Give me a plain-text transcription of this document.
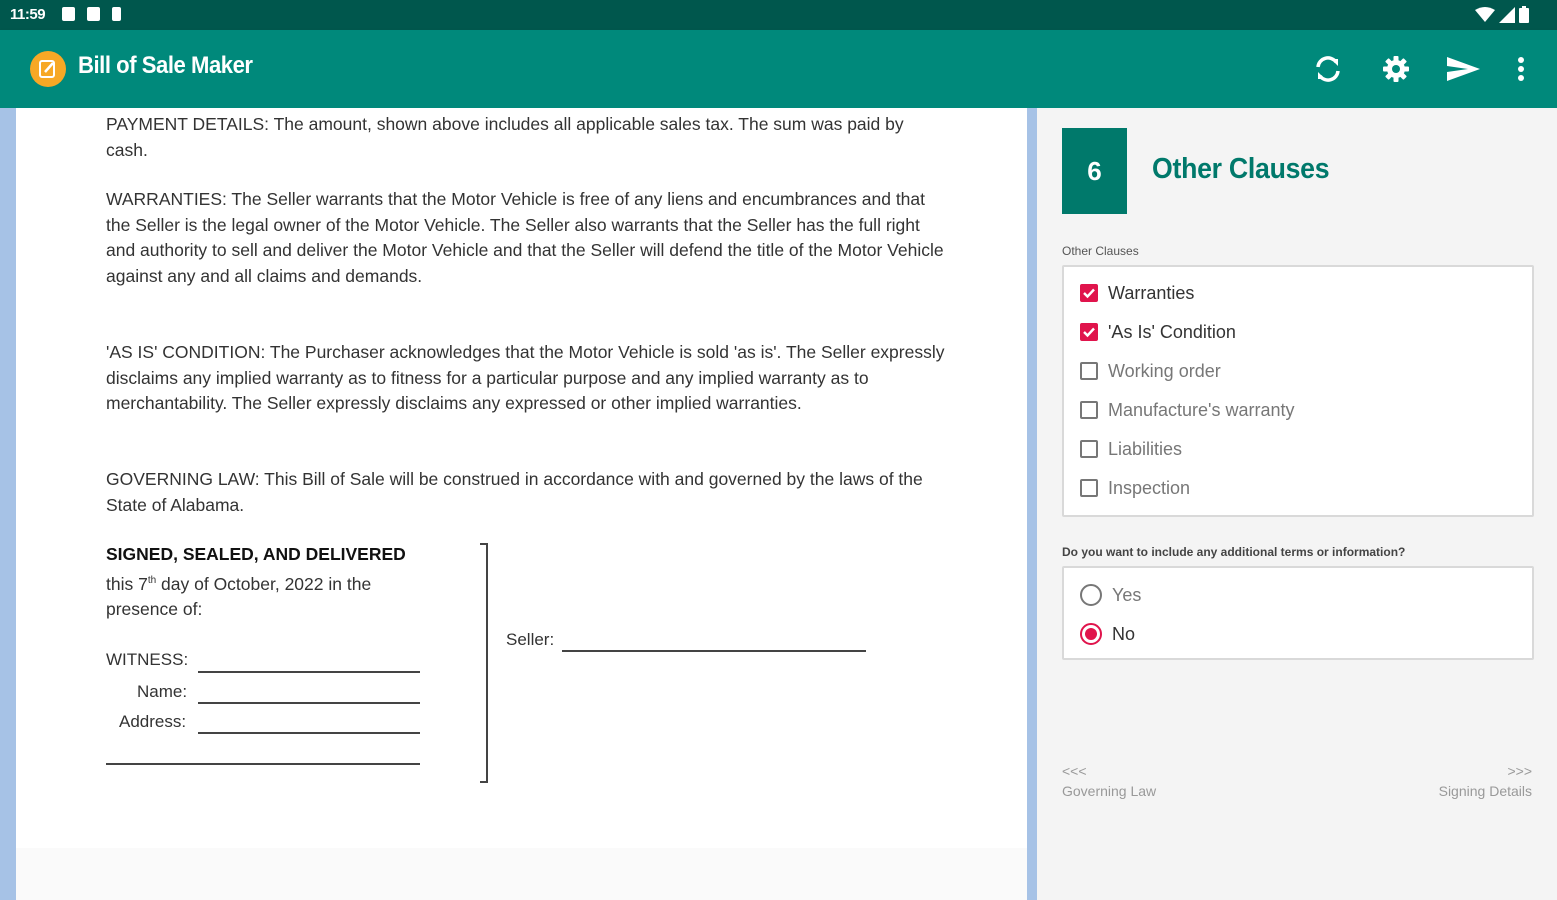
11:59
Bill of Sale Maker
PAYMENT DETAILS: The amount, shown above includes all applicable sales tax. The sum was paid by cash.
WARRANTIES: The Seller warrants that the Motor Vehicle is free of any liens and encumbrances and that the Seller is the legal owner of the Motor Vehicle. The Seller also warrants that the Seller has the full right and authority to sell and deliver the Motor Vehicle and that the Seller will defend the title of the Motor Vehicle against any and all claims and demands.
'AS IS' CONDITION: The Purchaser acknowledges that the Motor Vehicle is sold 'as is'. The Seller expressly disclaims any implied warranty as to fitness for a particular purpose and any implied warranty as to merchantability. The Seller expressly disclaims any expressed or other implied warranties.
GOVERNING LAW: This Bill of Sale will be construed in accordance with and governed by the laws of the State of Alabama.
SIGNED, SEALED, AND DELIVERED
this 7th day of October, 2022 in the
presence of:
WITNESS:
Name:
Address:
Seller:
6	Other Clauses
Other Clauses
Warranties
'As Is' Condition
Working order
Manufacture's warranty
Liabilities
Inspection
Do you want to include any additional terms or information?
Yes
No
<<<
Governing Law
>>>
Signing Details
